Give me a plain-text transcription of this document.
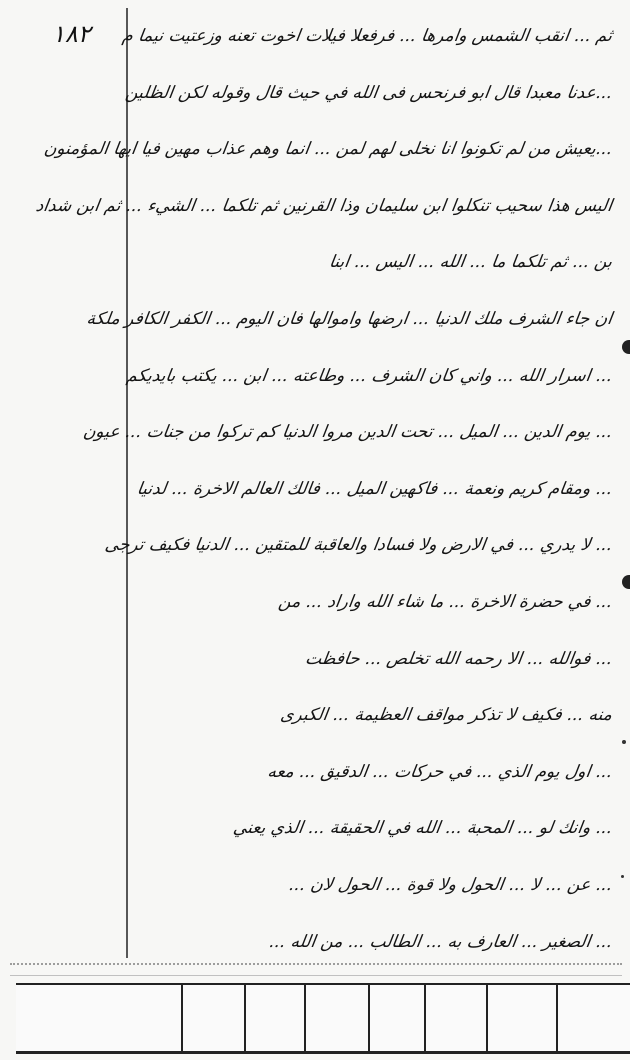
١٨٢ ثم ... انقب الشمس وامرها ... فرفعلا فيلات اخوت تعنه وزعتيت نيما م
...عدنا معبدا قال ابو فرنحس فى الله في حيث قال وقوله لكن الظلين
...يعيش من لم تكونوا انا نخلى لهم لمن ... انما وهم عذاب مهين فيا ايها المؤمنون
اليس هذا سحيب تنكلوا ابن سليمان وذا القرنين ثم تلكما ... الشيء ... ثم ابن شداد
بن ... ثم تلكما ما ... الله ... اليس ... ابنا
ان جاء الشرف ملك الدنيا ... ارضها واموالها فان اليوم ... الكفر الكافر ملكة
... اسرار الله ... واني كان الشرف ... وطاعته ... ابن ... يكتب بايديكم
... يوم الدين ... الميل ... تحت الدين مروا الدنيا كم تركوا من جنات ... عيون
... ومقام كريم ونعمة ... فاكهين الميل ... فالك العالم الاخرة ... لدنيا
... لا يدري ... في الارض ولا فسادا والعاقبة للمتقين ... الدنيا فكيف ترجى
... في حضرة الاخرة ... ما شاء الله واراد ... من
... فوالله ... الا رحمه الله تخلص ... حافظت
منه ... فكيف لا تذكر مواقف العظيمة ... الكبرى
... اول يوم الذي ... في حركات ... الدقيق ... معه
... وانك لو ... المحبة ... الله في الحقيقة ... الذي يعني
... عن ... لا ... الحول ولا قوة ... الحول لان ...
... الصغير ... العارف به ... الطالب ... من الله ...
